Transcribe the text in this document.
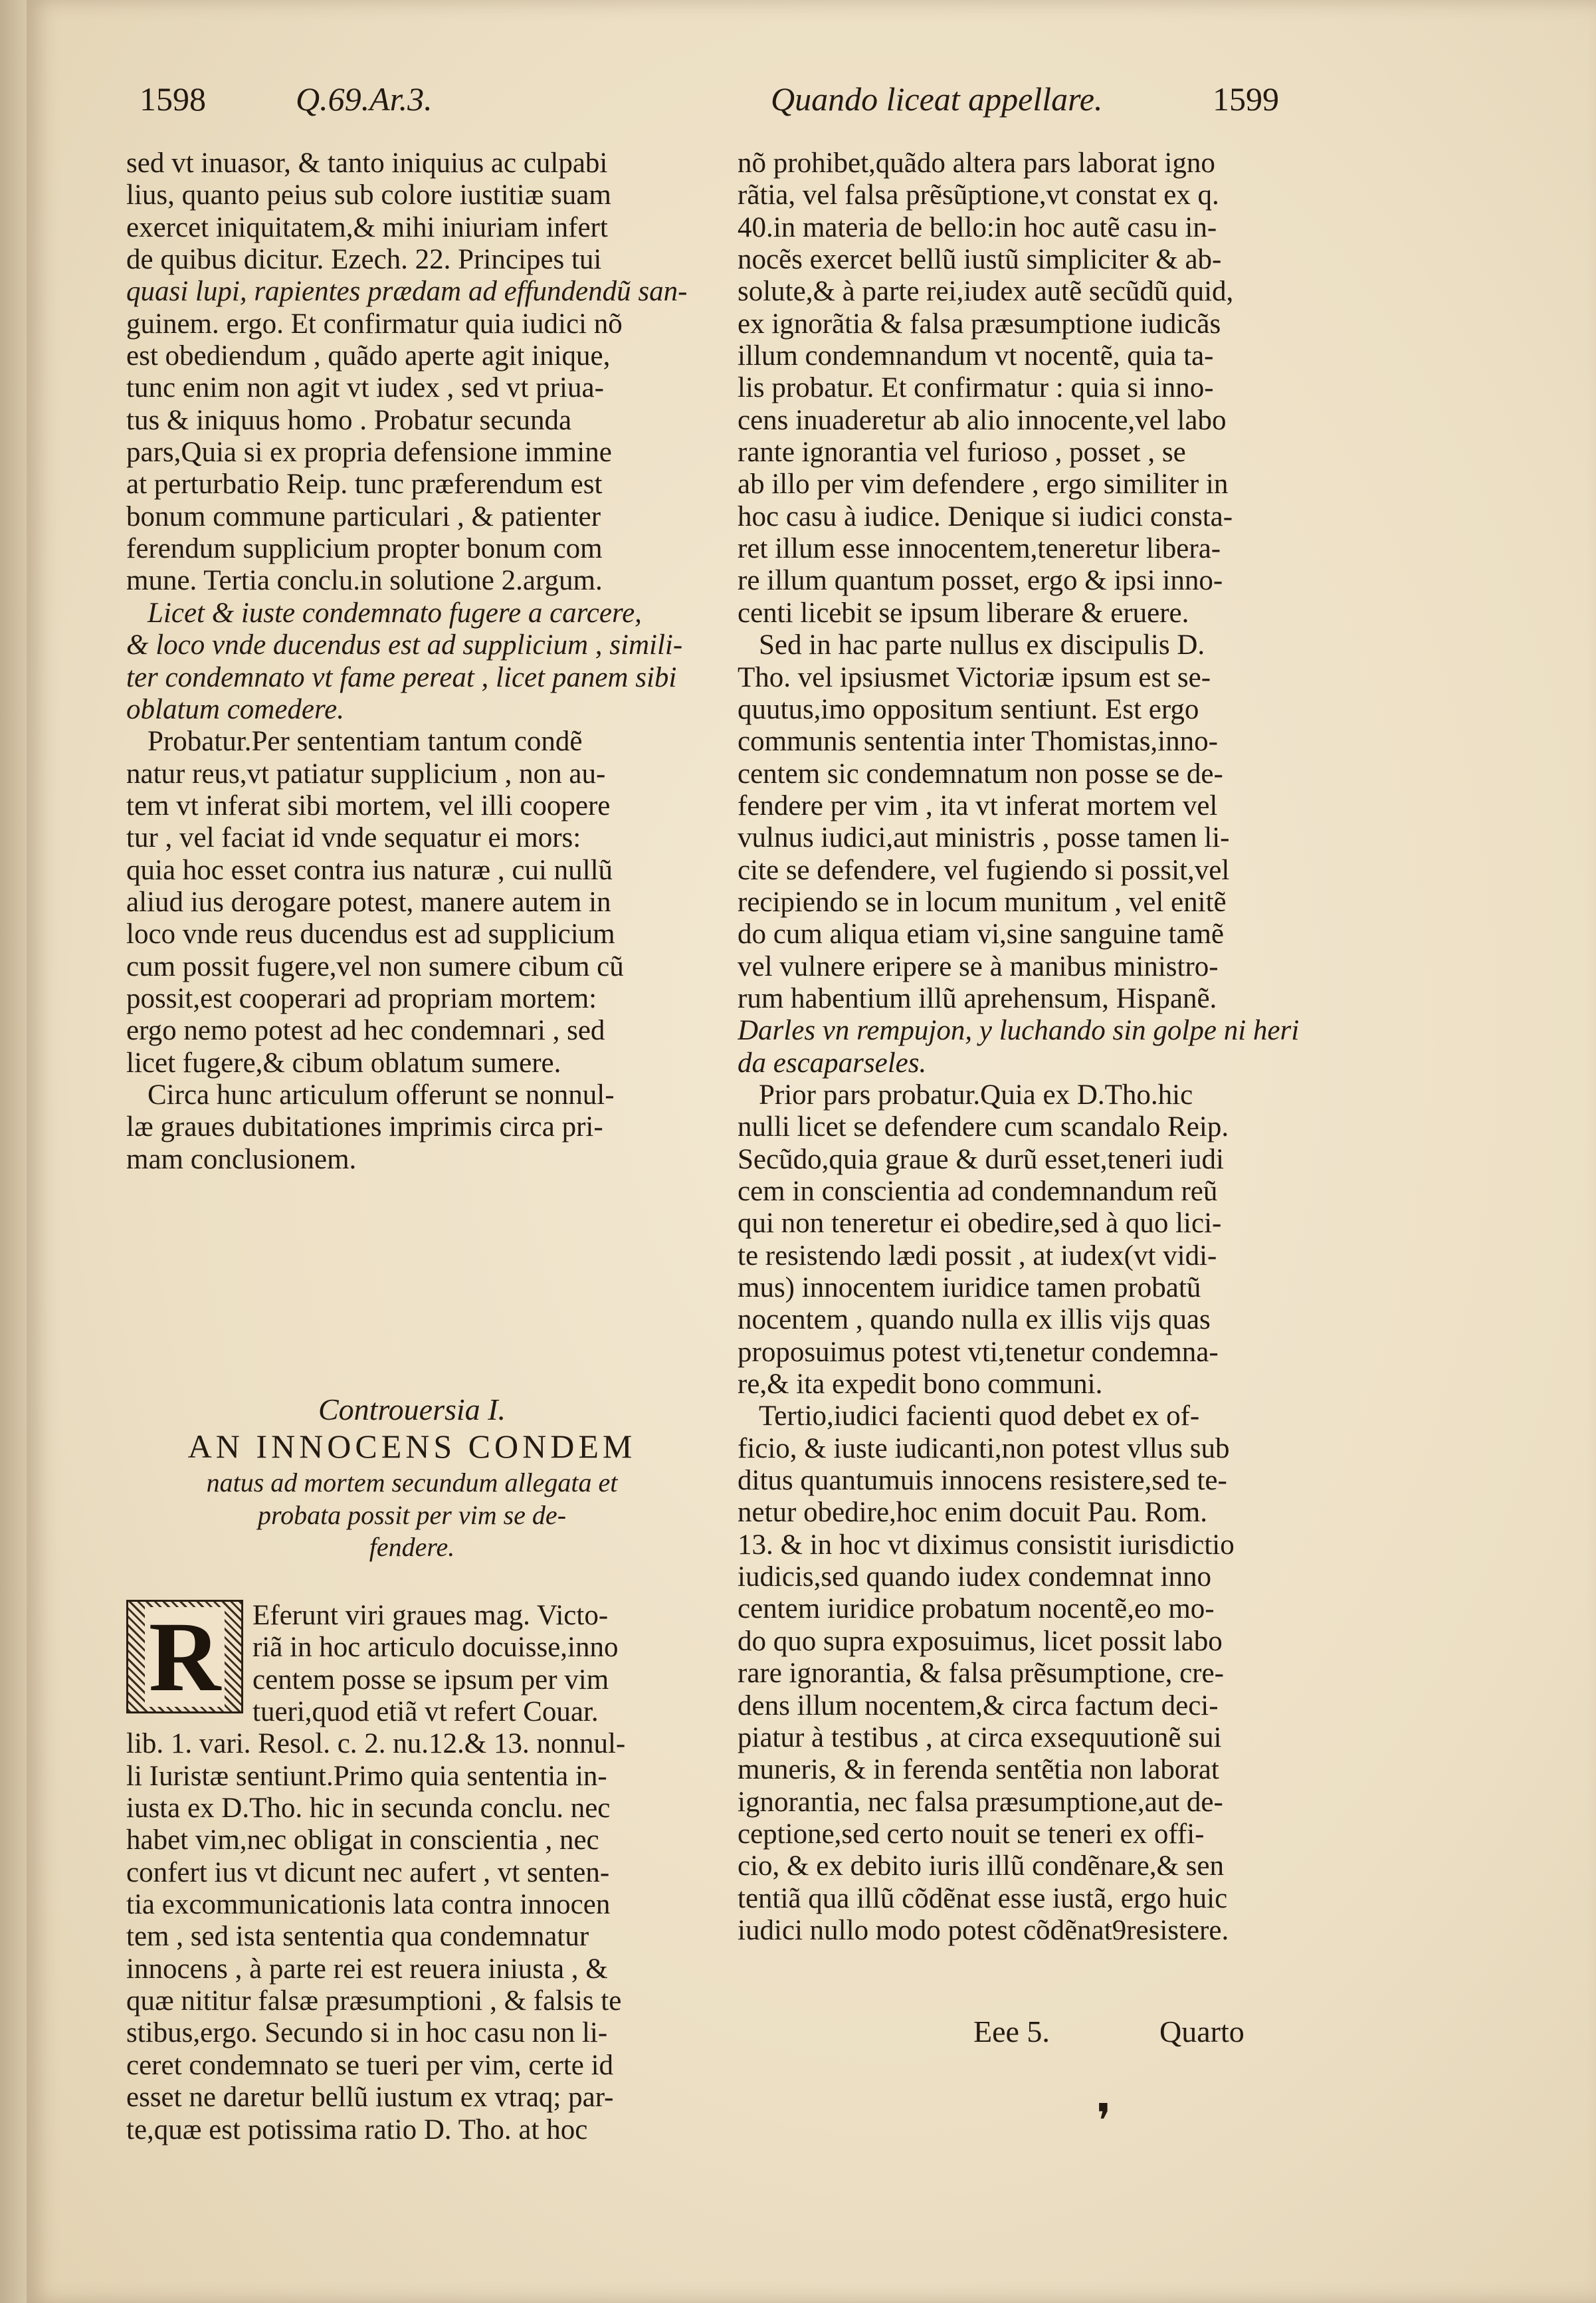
1598	Q.69.Ar.3.	Quando liceat appellare.	1599
sed vt inuasor, & tanto iniquius ac culpabi
lius, quanto peius sub colore iustitiæ suam
exercet iniquitatem,& mihi iniuriam infert
de quibus dicitur. Ezech. 22. Principes tui
quasi lupi, rapientes prædam ad effundendũ san-
guinem. ergo. Et confirmatur quia iudici nõ
est obediendum , quãdo aperte agit inique,
tunc enim non agit vt iudex , sed vt priua-
tus & iniquus homo . Probatur secunda
pars,Quia si ex propria defensione immine
at perturbatio Reip. tunc præferendum est
bonum commune particulari , & patienter
ferendum supplicium propter bonum com
mune. Tertia conclu.in solutione 2.argum.
Licet & iuste condemnato fugere a carcere,
& loco vnde ducendus est ad supplicium , simili-
ter condemnato vt fame pereat , licet panem sibi
oblatum comedere.
Probatur.Per sententiam tantum condẽ
natur reus,vt patiatur supplicium , non au-
tem vt inferat sibi mortem, vel illi coopere
tur , vel faciat id vnde sequatur ei mors:
quia hoc esset contra ius naturæ , cui nullũ
aliud ius derogare potest, manere autem in
loco vnde reus ducendus est ad supplicium
cum possit fugere,vel non sumere cibum cũ
possit,est cooperari ad propriam mortem:
ergo nemo potest ad hec condemnari , sed
licet fugere,& cibum oblatum sumere.
Circa hunc articulum offerunt se nonnul-
læ graues dubitationes imprimis circa pri-
mam conclusionem.
Controuersia I.
AN INNOCENS CONDEM
natus ad mortem secundum allegata et
probata possit per vim se de-
fendere.
R Eferunt viri graues mag. Victo-
riã in hoc articulo docuisse,inno
centem posse se ipsum per vim
tueri,quod etiã vt refert Couar.
lib. 1. vari. Resol. c. 2. nu.12.& 13. nonnul-
li Iuristæ sentiunt.Primo quia sententia in-
iusta ex D.Tho. hic in secunda conclu. nec
habet vim,nec obligat in conscientia , nec
confert ius vt dicunt nec aufert , vt senten-
tia excommunicationis lata contra innocen
tem , sed ista sententia qua condemnatur
innocens , à parte rei est reuera iniusta , &
quæ nititur falsæ præsumptioni , & falsis te
stibus,ergo. Secundo si in hoc casu non li-
ceret condemnato se tueri per vim, certe id
esset ne daretur bellũ iustum ex vtraq; par-
te,quæ est potissima ratio D. Tho. at hoc
nõ prohibet,quãdo altera pars laborat igno
rãtia, vel falsa prẽsũptione,vt constat ex q.
40.in materia de bello:in hoc autẽ casu in-
nocẽs exercet bellũ iustũ simpliciter & ab-
solute,& à parte rei,iudex autẽ secũdũ quid,
ex ignorãtia & falsa præsumptione iudicãs
illum condemnandum vt nocentẽ, quia ta-
lis probatur. Et confirmatur : quia si inno-
cens inuaderetur ab alio innocente,vel labo
rante ignorantia vel furioso , posset , se
ab illo per vim defendere , ergo similiter in
hoc casu à iudice. Denique si iudici consta-
ret illum esse innocentem,teneretur libera-
re illum quantum posset, ergo & ipsi inno-
centi licebit se ipsum liberare & eruere.
Sed in hac parte nullus ex discipulis D.
Tho. vel ipsiusmet Victoriæ ipsum est se-
quutus,imo oppositum sentiunt. Est ergo
communis sententia inter Thomistas,inno-
centem sic condemnatum non posse se de-
fendere per vim , ita vt inferat mortem vel
vulnus iudici,aut ministris , posse tamen li-
cite se defendere, vel fugiendo si possit,vel
recipiendo se in locum munitum , vel enitẽ
do cum aliqua etiam vi,sine sanguine tamẽ
vel vulnere eripere se à manibus ministro-
rum habentium illũ aprehensum, Hispanẽ.
Darles vn rempujon, y luchando sin golpe ni heri
da escaparseles.
Prior pars probatur.Quia ex D.Tho.hic
nulli licet se defendere cum scandalo Reip.
Secũdo,quia graue & durũ esset,teneri iudi
cem in conscientia ad condemnandum reũ
qui non teneretur ei obedire,sed à quo lici-
te resistendo lædi possit , at iudex(vt vidi-
mus) innocentem iuridice tamen probatũ
nocentem , quando nulla ex illis vijs quas
proposuimus potest vti,tenetur condemna-
re,& ita expedit bono communi.
Tertio,iudici facienti quod debet ex of-
ficio, & iuste iudicanti,non potest vllus sub
ditus quantumuis innocens resistere,sed te-
netur obedire,hoc enim docuit Pau. Rom.
13. & in hoc vt diximus consistit iurisdictio
iudicis,sed quando iudex condemnat inno
centem iuridice probatum nocentẽ,eo mo-
do quo supra exposuimus, licet possit labo
rare ignorantia, & falsa prẽsumptione, cre-
dens illum nocentem,& circa factum deci-
piatur à testibus , at circa exsequutionẽ sui
muneris, & in ferenda sentẽtia non laborat
ignorantia, nec falsa præsumptione,aut de-
ceptione,sed certo nouit se teneri ex offi-
cio, & ex debito iuris illũ condẽnare,& sen
tentiã qua illũ cõdẽnat esse iustã, ergo huic
iudici nullo modo potest cõdẽnat9resistere.
Eee 5.	Quarto
❜
